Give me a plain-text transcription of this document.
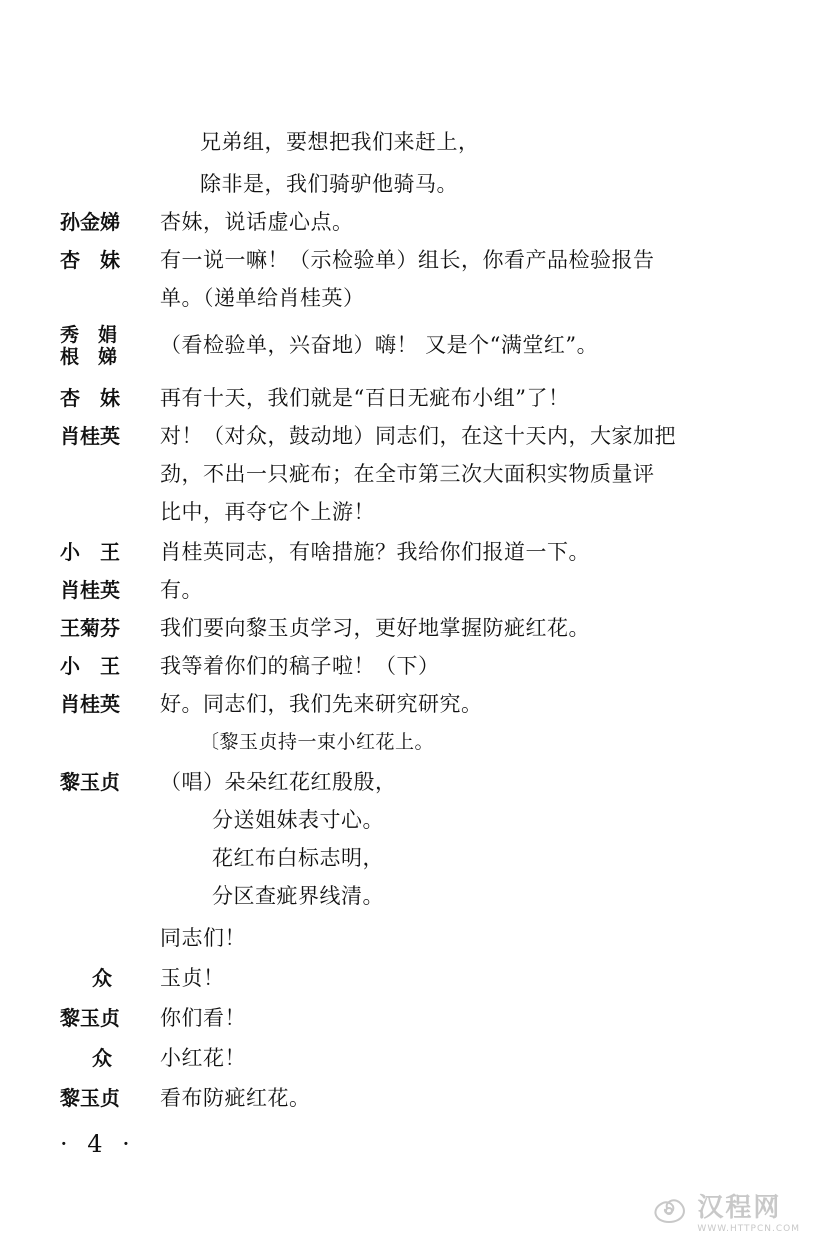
兄弟组，要想把我们来赶上，
除非是，我们骑驴他骑马。
孙金娣 杏妹，说话虚心点。
杏　妹 有一说一嘛！（示检验单）组长，你看产品检验报告
单。（递单给肖桂英）
秀　娟
根　娣 （看检验单，兴奋地）嗨！ 又是个“满堂红”。
杏　妹 再有十天，我们就是“百日无疵布小组”了！
肖桂英 对！（对众，鼓动地）同志们，在这十天内，大家加把
劲，不出一只疵布；在全市第三次大面积实物质量评
比中，再夺它个上游！
小　王 肖桂英同志，有啥措施？我给你们报道一下。
肖桂英 有。
王菊芬 我们要向黎玉贞学习，更好地掌握防疵红花。
小　王 我等着你们的稿子啦！（下）
肖桂英 好。同志们，我们先来研究研究。
〔黎玉贞持一束小红花上。
黎玉贞 （唱）朵朵红花红殷殷，
分送姐妹表寸心。
花红布白标志明，
分区查疵界线清。
同志们！
众 玉贞！
黎玉贞 你们看！
众 小红花！
黎玉贞 看布防疵红花。
· 4 ·
汉程网
WWW.HTTPCN.COM
